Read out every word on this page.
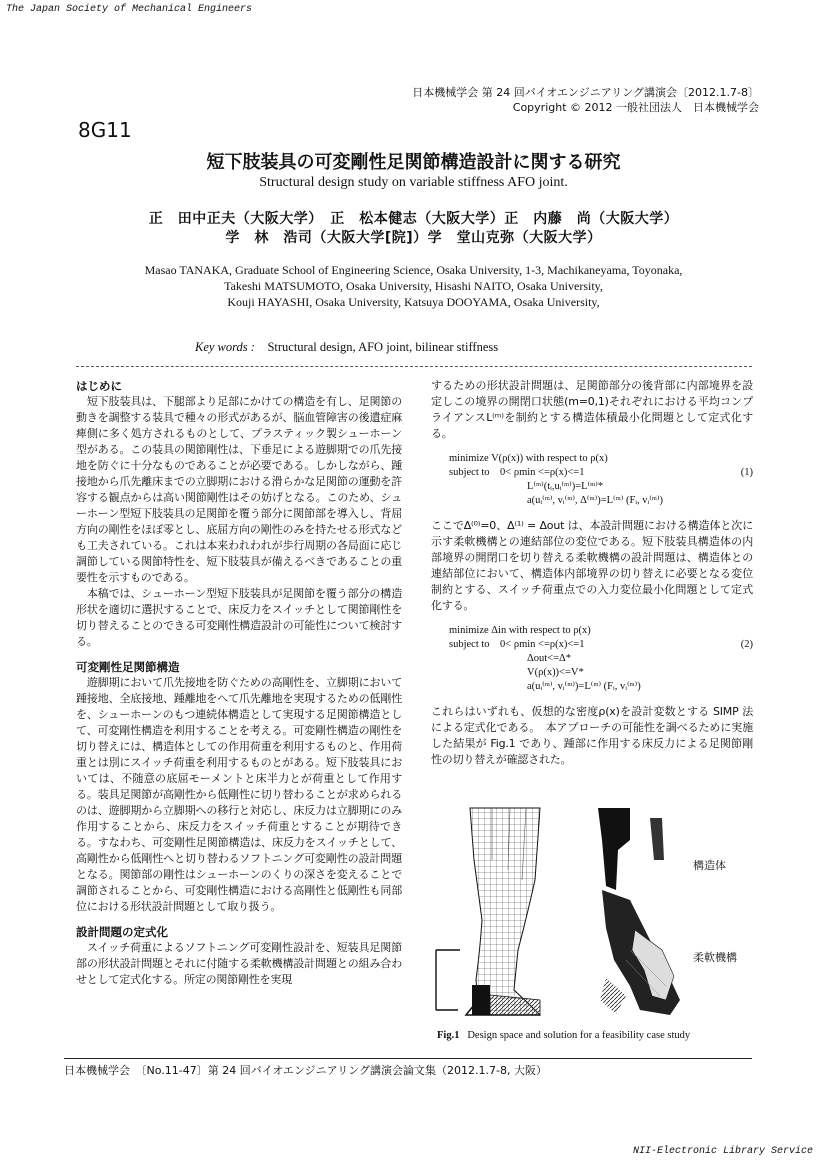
The Japan Society of Mechanical Engineers
日本機械学会 第 24 回バイオエンジニアリング講演会〔2012.1.7-8〕
Copyright © 2012 一般社団法人　日本機械学会
8G11
短下肢装具の可変剛性足関節構造設計に関する研究
Structural design study on variable stiffness AFO joint.
正　田中正夫（大阪大学）　正　松本健志（大阪大学）正　内藤　尚（大阪大学）
学　林　浩司（大阪大学[院]）学　堂山克弥（大阪大学）
Masao TANAKA, Graduate School of Engineering Science, Osaka University, 1-3, Machikaneyama, Toyonaka,
Takeshi MATSUMOTO, Osaka University, Hisashi NAITO, Osaka University,
Kouji HAYASHI, Osaka University, Katsuya DOOYAMA, Osaka University,
Key words : Structural design, AFO joint, bilinear stiffness
はじめに
　短下肢装具は、下腿部より足部にかけての構造を有し、足関節の動きを調整する装具で種々の形式があるが、脳血管障害の後遺症麻痺側に多く処方されるものとして、プラスティック製シューホーン型がある。この装具の関節剛性は、下垂足による遊脚期での爪先接地を防ぐに十分なものであることが必要である。しかしながら、踵接地から爪先離床までの立脚期における滑らかな足関節の運動を許容する観点からは高い関節剛性はその妨げとなる。このため、シューホーン型短下肢装具の足関節を覆う部分に関節部を導入し、背屈方向の剛性をほぼ零とし、底屈方向の剛性のみを持たせる形式なども工夫されている。これは本来われわれが歩行周期の各局面に応じ調節している関節特性を、短下肢装具が備えるべきであることの重要性を示すものである。
　本稿では、シューホーン型短下肢装具が足関節を覆う部分の構造形状を適切に選択することで、床反力をスイッチとして関節剛性を切り替えることのできる可変剛性構造設計の可能性について検討する。
可変剛性足関節構造
　遊脚期において爪先接地を防ぐための高剛性を、立脚期において踵接地、全底接地、踵離地をへて爪先離地を実現するための低剛性を、シューホーンのもつ連続体構造として実現する足関節構造として、可変剛性構造を利用することを考える。可変剛性構造の剛性を切り替えには、構造体としての作用荷重を利用するものと、作用荷重とは別にスイッチ荷重を利用するものとがある。短下肢装具においては、不随意の底屈モーメントと床半力とが荷重として作用する。装具足関節が高剛性から低剛性に切り替わることが求められるのは、遊脚期から立脚期への移行と対応し、床反力は立脚期にのみ作用することから、床反力をスイッチ荷重とすることが期待できる。すなわち、可変剛性足関節構造は、床反力をスイッチとして、高剛性から低剛性へと切り替わるソフトニング可変剛性の設計問題となる。関節部の剛性はシューホーンのくりの深さを変えることで調節されることから、可変剛性構造における高剛性と低剛性も同部位における形状設計問題として取り扱う。
設計問題の定式化
　スイッチ荷重によるソフトニング可変剛性設計を、短装具足関節部の形状設計問題とそれに付随する柔軟機構設計問題との組み合わせとして定式化する。所定の関節剛性を実現
するための形状設計問題は、足関節部分の後背部に内部境界を設定しこの境界の開閉口状態(m=0,1)それぞれにおける平均コンプライアンスL⁽ᵐ⁾を制約とする構造体積最小化問題として定式化する。
minimize V(ρ(x)) with respect to ρ(x)
subject to　0< ρmin <=ρ(x)<=1
L⁽ᵐ⁾(tᵢ,uᵢ⁽ᵐ⁾)=L⁽ᵐ⁾*
a(uᵢ⁽ᵐ⁾, vᵢ⁽ᵐ⁾, Δ⁽ᵐ⁾)=L⁽ᵐ⁾ (Fᵢ, vᵢ⁽ᵐ⁾)
(1)
ここでΔ⁽⁰⁾=0、Δ⁽¹⁾ = Δout は、本設計問題における構造体と次に示す柔軟機構との連結部位の変位である。短下肢装具構造体の内部境界の開閉口を切り替える柔軟機構の設計問題は、構造体との連結部位において、構造体内部境界の切り替えに必要となる変位制約とする、スイッチ荷重点での入力変位最小化問題として定式化する。
minimize Δin with respect to ρ(x)
subject to　0< ρmin <=ρ(x)<=1
Δout<=Δ*
V(ρ(x))<=V*
a(uᵢ⁽ᵐ⁾, vᵢ⁽ᵐ⁾)=L⁽ᵐ⁾ (Fᵢ, vᵢ⁽ᵐ⁾)
(2)
これらはいずれも、仮想的な密度ρ(x)を設計変数とする SIMP 法による定式化である。　本アプローチの可能性を調べるために実施した結果が Fig.1 であり、踵部に作用する床反力による足関節剛性の切り替えが確認された。
構造体
柔軟機構
Fig.1 Design space and solution for a feasibility case study
日本機械学会　〔No.11-47〕第 24 回バイオエンジニアリング講演会論文集（2012.1.7-8, 大阪）
NII-Electronic Library Service
